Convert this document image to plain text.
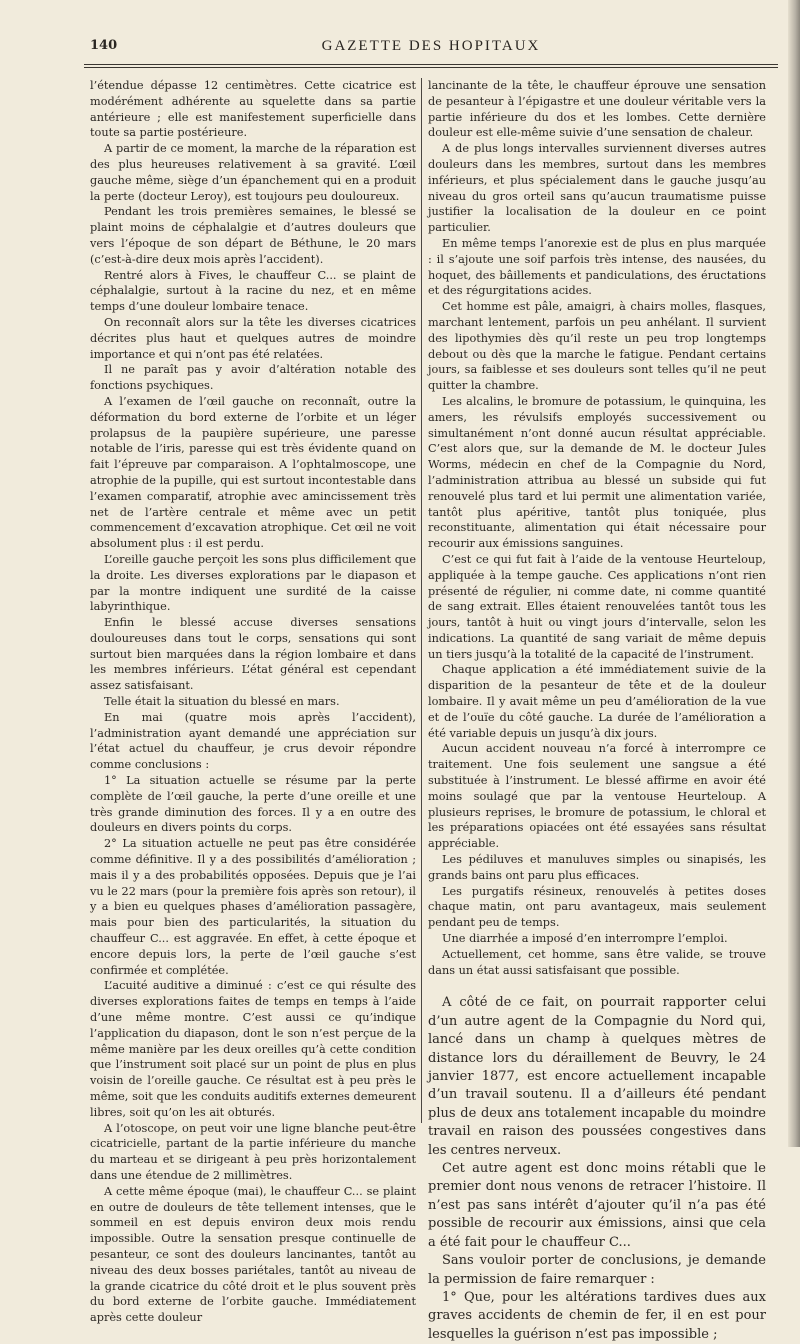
140	GAZETTE DES HOPITAUX

l’étendue dépasse 12 centimètres. Cette cicatrice est modérément adhérente au squelette dans sa partie antérieure ; elle est manifestement superficielle dans toute sa partie postérieure.

A partir de ce moment, la marche de la réparation est des plus heureuses relativement à sa gravité. L’œil gauche même, siège d’un épanchement qui en a produit la perte (docteur Leroy), est toujours peu douloureux.

Pendant les trois premières semaines, le blessé se plaint moins de céphalalgie et d’autres douleurs que vers l’époque de son départ de Béthune, le 20 mars (c’est-à-dire deux mois après l’accident).

Rentré alors à Fives, le chauffeur C... se plaint de céphalalgie, surtout à la racine du nez, et en même temps d’une douleur lombaire tenace.

On reconnaît alors sur la tête les diverses cicatrices décrites plus haut et quelques autres de moindre importance et qui n’ont pas été relatées.

Il ne paraît pas y avoir d’altération notable des fonctions psychiques.

A l’examen de l’œil gauche on reconnaît, outre la déformation du bord externe de l’orbite et un léger prolapsus de la paupière supérieure, une paresse notable de l’iris, paresse qui est très évidente quand on fait l’épreuve par comparaison. A l’ophtalmoscope, une atrophie de la pupille, qui est surtout incontestable dans l’examen comparatif, atrophie avec amincissement très net de l’artère centrale et même avec un petit commencement d’excavation atrophique. Cet œil ne voit absolument plus : il est perdu.

L’oreille gauche perçoit les sons plus difficilement que la droite. Les diverses explorations par le diapason et par la montre indiquent une surdité de la caisse labyrinthique.

Enfin le blessé accuse diverses sensations douloureuses dans tout le corps, sensations qui sont surtout bien marquées dans la région lombaire et dans les membres inférieurs. L’état général est cependant assez satisfaisant.

Telle était la situation du blessé en mars.

En mai (quatre mois après l’accident), l’administration ayant demandé une appréciation sur l’état actuel du chauffeur, je crus devoir répondre comme conclusions :

1° La situation actuelle se résume par la perte complète de l’œil gauche, la perte d’une oreille et une très grande diminution des forces. Il y a en outre des douleurs en divers points du corps.

2° La situation actuelle ne peut pas être considérée comme définitive. Il y a des possibilités d’amélioration ; mais il y a des probabilités opposées. Depuis que je l’ai vu le 22 mars (pour la première fois après son retour), il y a bien eu quelques phases d’amélioration passagère, mais pour bien des particularités, la situation du chauffeur C... est aggravée. En effet, à cette époque et encore depuis lors, la perte de l’œil gauche s’est confirmée et complétée.

L’acuité auditive a diminué : c’est ce qui résulte des diverses explorations faites de temps en temps à l’aide d’une même montre. C’est aussi ce qu’indique l’application du diapason, dont le son n’est perçue de la même manière par les deux oreilles qu’à cette condition que l’instrument soit placé sur un point de plus en plus voisin de l’oreille gauche. Ce résultat est à peu près le même, soit que les conduits auditifs externes demeurent libres, soit qu’on les ait obturés.

A l’otoscope, on peut voir une ligne blanche peut-être cicatricielle, partant de la partie inférieure du manche du marteau et se dirigeant à peu près horizontalement dans une étendue de 2 millimètres.

A cette même époque (mai), le chauffeur C... se plaint en outre de douleurs de tête tellement intenses, que le sommeil en est depuis environ deux mois rendu impossible. Outre la sensation presque continuelle de pesanteur, ce sont des douleurs lancinantes, tantôt au niveau des deux bosses pariétales, tantôt au niveau de la grande cicatrice du côté droit et le plus souvent près du bord externe de l’orbite gauche. Immédiatement après cette douleur

lancinante de la tête, le chauffeur éprouve une sensation de pesanteur à l’épigastre et une douleur véritable vers la partie inférieure du dos et les lombes. Cette dernière douleur est elle-même suivie d’une sensation de chaleur.

A de plus longs intervalles surviennent diverses autres douleurs dans les membres, surtout dans les membres inférieurs, et plus spécialement dans le gauche jusqu’au niveau du gros orteil sans qu’aucun traumatisme puisse justifier la localisation de la douleur en ce point particulier.

En même temps l’anorexie est de plus en plus marquée : il s’ajoute une soif parfois très intense, des nausées, du hoquet, des bâillements et pandiculations, des éructations et des régurgitations acides.

Cet homme est pâle, amaigri, à chairs molles, flasques, marchant lentement, parfois un peu anhélant. Il survient des lipothymies dès qu’il reste un peu trop longtemps debout ou dès que la marche le fatigue. Pendant certains jours, sa faiblesse et ses douleurs sont telles qu’il ne peut quitter la chambre.

Les alcalins, le bromure de potassium, le quinquina, les amers, les révulsifs employés successivement ou simultanément n’ont donné aucun résultat appréciable. C’est alors que, sur la demande de M. le docteur Jules Worms, médecin en chef de la Compagnie du Nord, l’administration attribua au blessé un subside qui fut renouvelé plus tard et lui permit une alimentation variée, tantôt plus apéritive, tantôt plus toniquée, plus reconstituante, alimentation qui était nécessaire pour recourir aux émissions sanguines.

C’est ce qui fut fait à l’aide de la ventouse Heurteloup, appliquée à la tempe gauche. Ces applications n’ont rien présenté de régulier, ni comme date, ni comme quantité de sang extrait. Elles étaient renouvelées tantôt tous les jours, tantôt à huit ou vingt jours d’intervalle, selon les indications. La quantité de sang variait de même depuis un tiers jusqu’à la totalité de la capacité de l’instrument.

Chaque application a été immédiatement suivie de la disparition de la pesanteur de tête et de la douleur lombaire. Il y avait même un peu d’amélioration de la vue et de l’ouïe du côté gauche. La durée de l’amélioration a été variable depuis un jusqu’à dix jours.

Aucun accident nouveau n’a forcé à interrompre ce traitement. Une fois seulement une sangsue a été substituée à l’instrument. Le blessé affirme en avoir été moins soulagé que par la ventouse Heurteloup. A plusieurs reprises, le bromure de potassium, le chloral et les préparations opiacées ont été essayées sans résultat appréciable.

Les pédiluves et manuluves simples ou sinapisés, les grands bains ont paru plus efficaces.

Les purgatifs résineux, renouvelés à petites doses chaque matin, ont paru avantageux, mais seulement pendant peu de temps.

Une diarrhée a imposé d’en interrompre l’emploi.

Actuellement, cet homme, sans être valide, se trouve dans un état aussi satisfaisant que possible.

A côté de ce fait, on pourrait rapporter celui d’un autre agent de la Compagnie du Nord qui, lancé dans un champ à quelques mètres de distance lors du déraillement de Beuvry, le 24 janvier 1877, est encore actuellement incapable d’un travail soutenu. Il a d’ailleurs été pendant plus de deux ans totalement incapable du moindre travail en raison des poussées congestives dans les centres nerveux.

Cet autre agent est donc moins rétabli que le premier dont nous venons de retracer l’histoire. Il n’est pas sans intérêt d’ajouter qu’il n’a pas été possible de recourir aux émissions, ainsi que cela a été fait pour le chauffeur C...

Sans vouloir porter de conclusions, je demande la permission de faire remarquer :

1° Que, pour les altérations tardives dues aux graves accidents de chemin de fer, il en est pour lesquelles la guérison n’est pas impossible ;
